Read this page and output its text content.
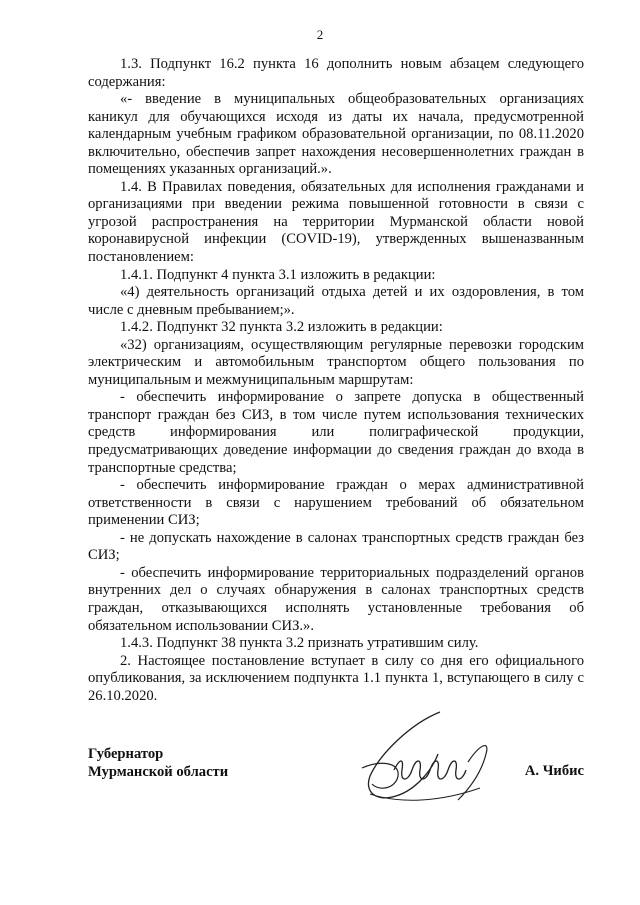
2

1.3. Подпункт 16.2 пункта 16 дополнить новым абзацем следующего содержания:

«- введение в муниципальных общеобразовательных организациях каникул для обучающихся исходя из даты их начала, предусмотренной календарным учебным графиком образовательной организации, по 08.11.2020 включительно, обеспечив запрет нахождения несовершеннолетних граждан в помещениях указанных организаций.».

1.4. В Правилах поведения, обязательных для исполнения гражданами и организациями при введении режима повышенной готовности в связи с угрозой распространения на территории Мурманской области новой коронавирусной инфекции (COVID-19), утвержденных вышеназванным постановлением:

1.4.1. Подпункт 4 пункта 3.1 изложить в редакции:

«4) деятельность организаций отдыха детей и их оздоровления, в том числе с дневным пребыванием;».

1.4.2. Подпункт 32 пункта 3.2 изложить в редакции:

«32) организациям, осуществляющим регулярные перевозки городским электрическим и автомобильным транспортом общего пользования по муниципальным и межмуниципальным маршрутам:

- обеспечить информирование о запрете допуска в общественный транспорт граждан без СИЗ, в том числе путем использования технических средств информирования или полиграфической продукции, предусматривающих доведение информации до сведения граждан до входа в транспортные средства;

- обеспечить информирование граждан о мерах административной ответственности в связи с нарушением требований об обязательном применении СИЗ;

- не допускать нахождение в салонах транспортных средств граждан без СИЗ;

- обеспечить информирование территориальных подразделений органов внутренних дел о случаях обнаружения в салонах транспортных средств граждан, отказывающихся исполнять установленные требования об обязательном использовании СИЗ.».

1.4.3. Подпункт 38 пункта 3.2 признать утратившим силу.

2. Настоящее постановление вступает в силу со дня его официального опубликования, за исключением подпункта 1.1 пункта 1, вступающего в силу с 26.10.2020.

Губернатор
Мурманской области	А. Чибис
